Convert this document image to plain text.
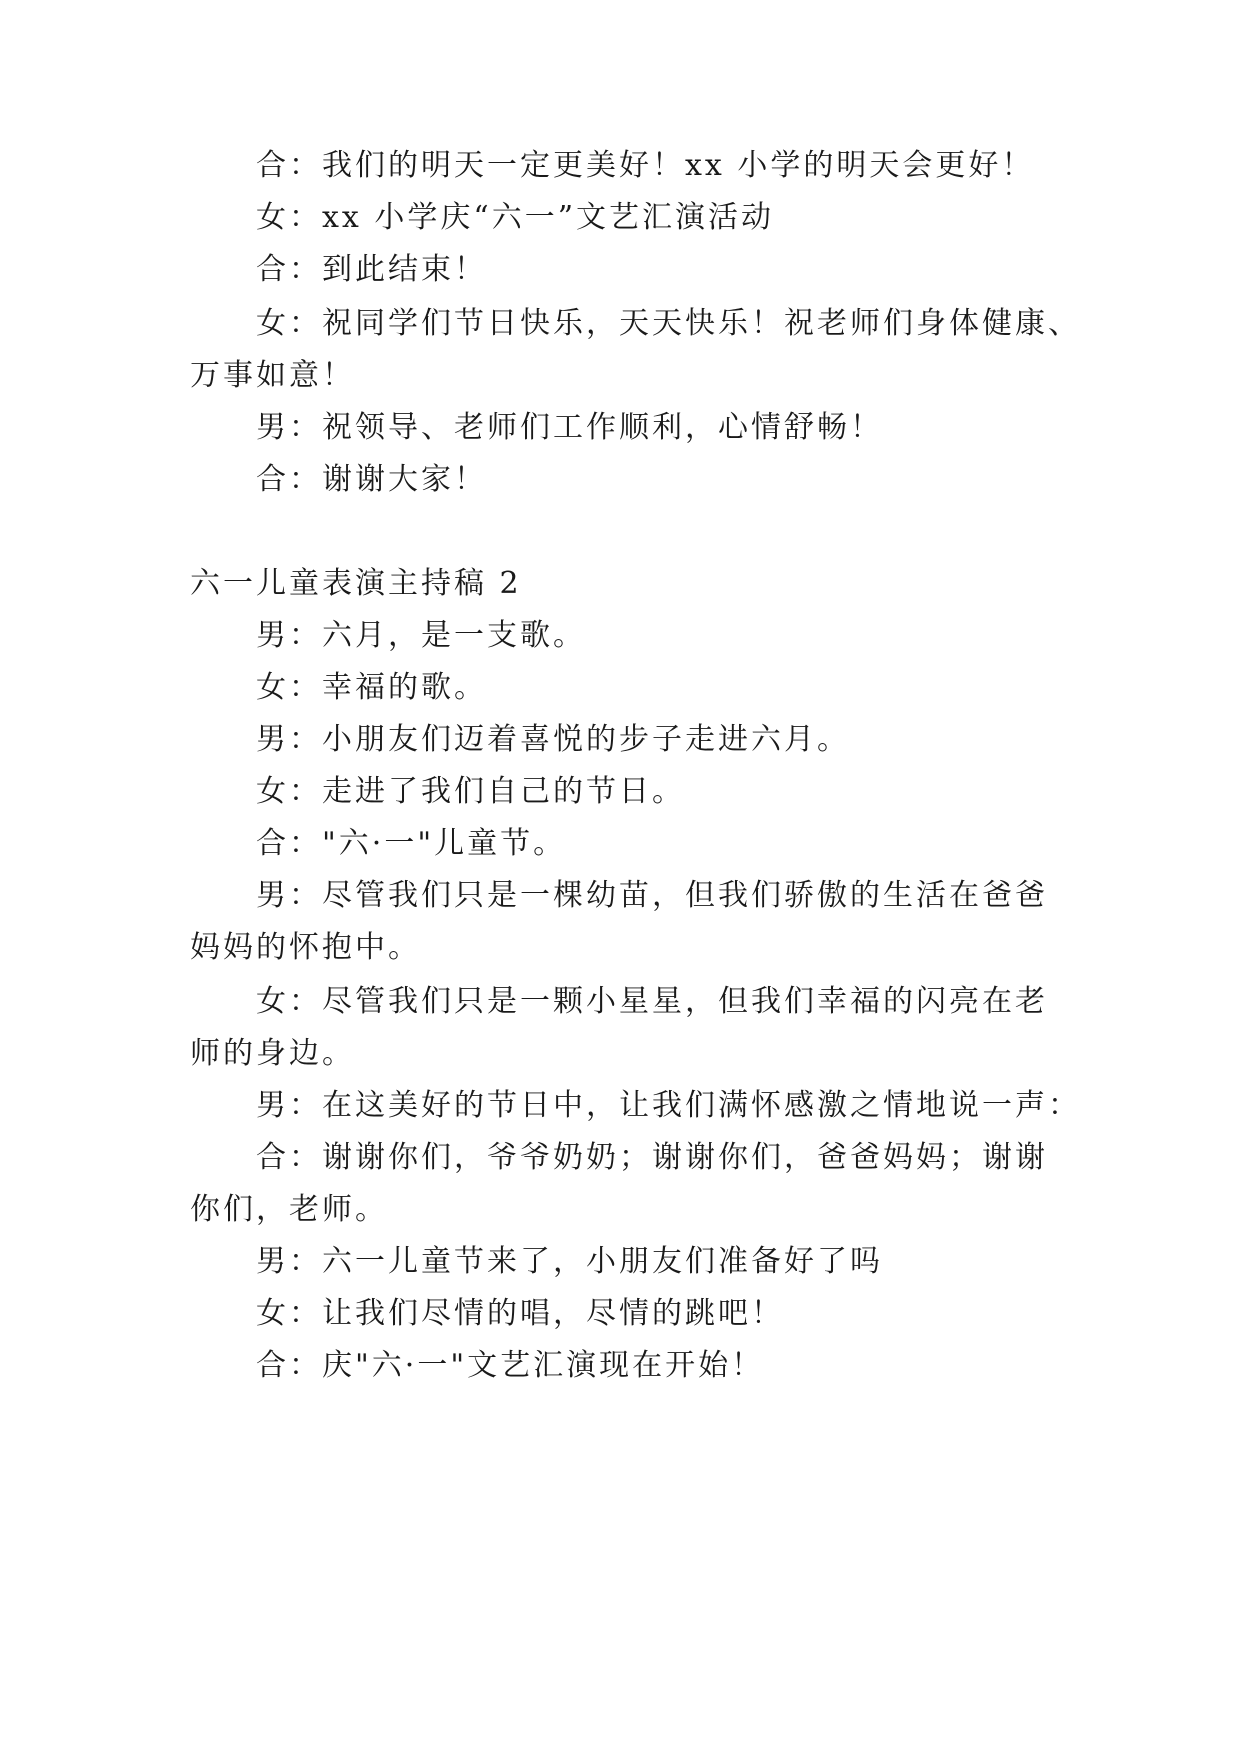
合：我们的明天一定更美好！xx 小学的明天会更好！
女：xx 小学庆“六一”文艺汇演活动
合：到此结束！
女：祝同学们节日快乐，天天快乐！祝老师们身体健康、
万事如意！
男：祝领导、老师们工作顺利，心情舒畅！
合：谢谢大家！
六一儿童表演主持稿 2
男：六月，是一支歌。
女：幸福的歌。
男：小朋友们迈着喜悦的步子走进六月。
女：走进了我们自己的节日。
合："六·一"儿童节。
男：尽管我们只是一棵幼苗，但我们骄傲的生活在爸爸
妈妈的怀抱中。
女：尽管我们只是一颗小星星，但我们幸福的闪亮在老
师的身边。
男：在这美好的节日中，让我们满怀感激之情地说一声：
合：谢谢你们，爷爷奶奶；谢谢你们，爸爸妈妈；谢谢
你们，老师。
男：六一儿童节来了，小朋友们准备好了吗
女：让我们尽情的唱，尽情的跳吧！
合：庆"六·一"文艺汇演现在开始！
